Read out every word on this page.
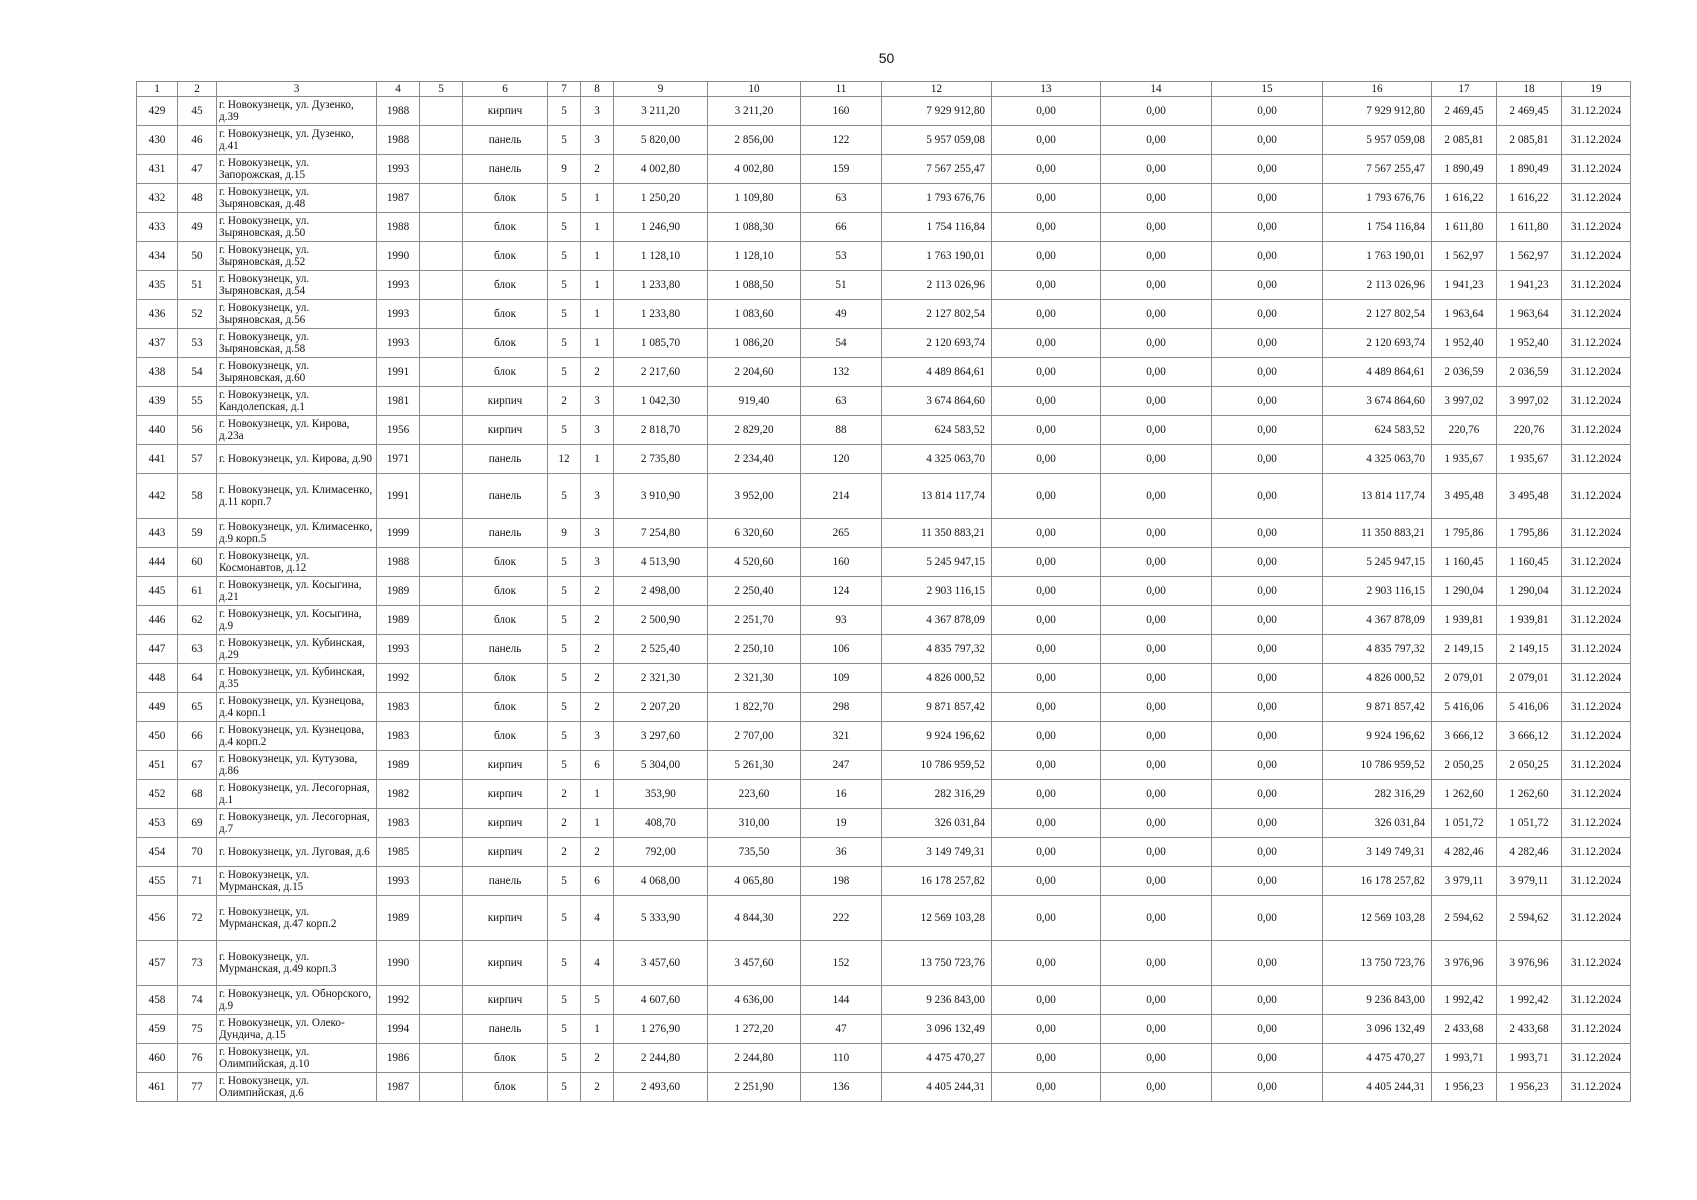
50
1	2	3	4	5	6	7	8	9	10	11	12	13	14	15	16	17	18	19
429	45	г. Новокузнецк, ул. Дузенко, д.39	1988		кирпич	5	3	3 211,20	3 211,20	160	7 929 912,80	0,00	0,00	0,00	7 929 912,80	2 469,45	2 469,45	31.12.2024
430	46	г. Новокузнецк, ул. Дузенко, д.41	1988		панель	5	3	5 820,00	2 856,00	122	5 957 059,08	0,00	0,00	0,00	5 957 059,08	2 085,81	2 085,81	31.12.2024
431	47	г. Новокузнецк, ул. Запорожская, д.15	1993		панель	9	2	4 002,80	4 002,80	159	7 567 255,47	0,00	0,00	0,00	7 567 255,47	1 890,49	1 890,49	31.12.2024
432	48	г. Новокузнецк, ул. Зыряновская, д.48	1987		блок	5	1	1 250,20	1 109,80	63	1 793 676,76	0,00	0,00	0,00	1 793 676,76	1 616,22	1 616,22	31.12.2024
433	49	г. Новокузнецк, ул. Зыряновская, д.50	1988		блок	5	1	1 246,90	1 088,30	66	1 754 116,84	0,00	0,00	0,00	1 754 116,84	1 611,80	1 611,80	31.12.2024
434	50	г. Новокузнецк, ул. Зыряновская, д.52	1990		блок	5	1	1 128,10	1 128,10	53	1 763 190,01	0,00	0,00	0,00	1 763 190,01	1 562,97	1 562,97	31.12.2024
435	51	г. Новокузнецк, ул. Зыряновская, д.54	1993		блок	5	1	1 233,80	1 088,50	51	2 113 026,96	0,00	0,00	0,00	2 113 026,96	1 941,23	1 941,23	31.12.2024
436	52	г. Новокузнецк, ул. Зыряновская, д.56	1993		блок	5	1	1 233,80	1 083,60	49	2 127 802,54	0,00	0,00	0,00	2 127 802,54	1 963,64	1 963,64	31.12.2024
437	53	г. Новокузнецк, ул. Зыряновская, д.58	1993		блок	5	1	1 085,70	1 086,20	54	2 120 693,74	0,00	0,00	0,00	2 120 693,74	1 952,40	1 952,40	31.12.2024
438	54	г. Новокузнецк, ул. Зыряновская, д.60	1991		блок	5	2	2 217,60	2 204,60	132	4 489 864,61	0,00	0,00	0,00	4 489 864,61	2 036,59	2 036,59	31.12.2024
439	55	г. Новокузнецк, ул. Кандолепская, д.1	1981		кирпич	2	3	1 042,30	919,40	63	3 674 864,60	0,00	0,00	0,00	3 674 864,60	3 997,02	3 997,02	31.12.2024
440	56	г. Новокузнецк, ул. Кирова, д.23а	1956		кирпич	5	3	2 818,70	2 829,20	88	624 583,52	0,00	0,00	0,00	624 583,52	220,76	220,76	31.12.2024
441	57	г. Новокузнецк, ул. Кирова, д.90	1971		панель	12	1	2 735,80	2 234,40	120	4 325 063,70	0,00	0,00	0,00	4 325 063,70	1 935,67	1 935,67	31.12.2024
442	58	г. Новокузнецк, ул. Климасенко, д.11 корп.7	1991		панель	5	3	3 910,90	3 952,00	214	13 814 117,74	0,00	0,00	0,00	13 814 117,74	3 495,48	3 495,48	31.12.2024
443	59	г. Новокузнецк, ул. Климасенко, д.9 корп.5	1999		панель	9	3	7 254,80	6 320,60	265	11 350 883,21	0,00	0,00	0,00	11 350 883,21	1 795,86	1 795,86	31.12.2024
444	60	г. Новокузнецк, ул. Космонавтов, д.12	1988		блок	5	3	4 513,90	4 520,60	160	5 245 947,15	0,00	0,00	0,00	5 245 947,15	1 160,45	1 160,45	31.12.2024
445	61	г. Новокузнецк, ул. Косыгина, д.21	1989		блок	5	2	2 498,00	2 250,40	124	2 903 116,15	0,00	0,00	0,00	2 903 116,15	1 290,04	1 290,04	31.12.2024
446	62	г. Новокузнецк, ул. Косыгина, д.9	1989		блок	5	2	2 500,90	2 251,70	93	4 367 878,09	0,00	0,00	0,00	4 367 878,09	1 939,81	1 939,81	31.12.2024
447	63	г. Новокузнецк, ул. Кубинская, д.29	1993		панель	5	2	2 525,40	2 250,10	106	4 835 797,32	0,00	0,00	0,00	4 835 797,32	2 149,15	2 149,15	31.12.2024
448	64	г. Новокузнецк, ул. Кубинская, д.35	1992		блок	5	2	2 321,30	2 321,30	109	4 826 000,52	0,00	0,00	0,00	4 826 000,52	2 079,01	2 079,01	31.12.2024
449	65	г. Новокузнецк, ул. Кузнецова, д.4 корп.1	1983		блок	5	2	2 207,20	1 822,70	298	9 871 857,42	0,00	0,00	0,00	9 871 857,42	5 416,06	5 416,06	31.12.2024
450	66	г. Новокузнецк, ул. Кузнецова, д.4 корп.2	1983		блок	5	3	3 297,60	2 707,00	321	9 924 196,62	0,00	0,00	0,00	9 924 196,62	3 666,12	3 666,12	31.12.2024
451	67	г. Новокузнецк, ул. Кутузова, д.86	1989		кирпич	5	6	5 304,00	5 261,30	247	10 786 959,52	0,00	0,00	0,00	10 786 959,52	2 050,25	2 050,25	31.12.2024
452	68	г. Новокузнецк, ул. Лесогорная, д.1	1982		кирпич	2	1	353,90	223,60	16	282 316,29	0,00	0,00	0,00	282 316,29	1 262,60	1 262,60	31.12.2024
453	69	г. Новокузнецк, ул. Лесогорная, д.7	1983		кирпич	2	1	408,70	310,00	19	326 031,84	0,00	0,00	0,00	326 031,84	1 051,72	1 051,72	31.12.2024
454	70	г. Новокузнецк, ул. Луговая, д.6	1985		кирпич	2	2	792,00	735,50	36	3 149 749,31	0,00	0,00	0,00	3 149 749,31	4 282,46	4 282,46	31.12.2024
455	71	г. Новокузнецк, ул. Мурманская, д.15	1993		панель	5	6	4 068,00	4 065,80	198	16 178 257,82	0,00	0,00	0,00	16 178 257,82	3 979,11	3 979,11	31.12.2024
456	72	г. Новокузнецк, ул. Мурманская, д.47 корп.2	1989		кирпич	5	4	5 333,90	4 844,30	222	12 569 103,28	0,00	0,00	0,00	12 569 103,28	2 594,62	2 594,62	31.12.2024
457	73	г. Новокузнецк, ул. Мурманская, д.49 корп.3	1990		кирпич	5	4	3 457,60	3 457,60	152	13 750 723,76	0,00	0,00	0,00	13 750 723,76	3 976,96	3 976,96	31.12.2024
458	74	г. Новокузнецк, ул. Обнорского, д.9	1992		кирпич	5	5	4 607,60	4 636,00	144	9 236 843,00	0,00	0,00	0,00	9 236 843,00	1 992,42	1 992,42	31.12.2024
459	75	г. Новокузнецк, ул. Олеко-Дундича, д.15	1994		панель	5	1	1 276,90	1 272,20	47	3 096 132,49	0,00	0,00	0,00	3 096 132,49	2 433,68	2 433,68	31.12.2024
460	76	г. Новокузнецк, ул. Олимпийская, д.10	1986		блок	5	2	2 244,80	2 244,80	110	4 475 470,27	0,00	0,00	0,00	4 475 470,27	1 993,71	1 993,71	31.12.2024
461	77	г. Новокузнецк, ул. Олимпийская, д.6	1987		блок	5	2	2 493,60	2 251,90	136	4 405 244,31	0,00	0,00	0,00	4 405 244,31	1 956,23	1 956,23	31.12.2024
